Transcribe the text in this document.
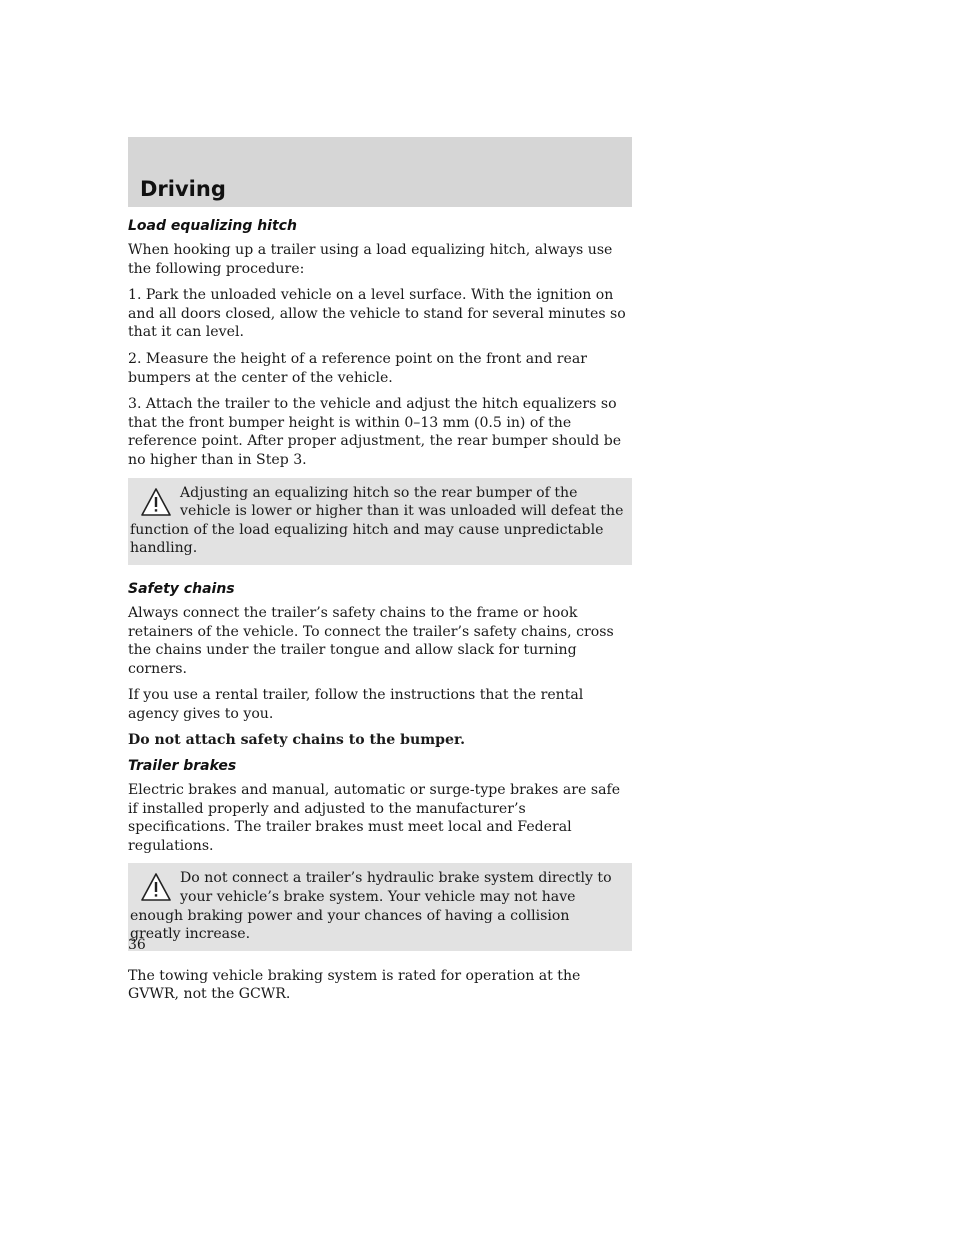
Driving
Load equalizing hitch

When hooking up a trailer using a load equalizing hitch, always use the following procedure:

1. Park the unloaded vehicle on a level surface. With the ignition on and all doors closed, allow the vehicle to stand for several minutes so that it can level.

2. Measure the height of a reference point on the front and rear bumpers at the center of the vehicle.

3. Attach the trailer to the vehicle and adjust the hitch equalizers so that the front bumper height is within 0–13 mm (0.5 in) of the reference point. After proper adjustment, the rear bumper should be no higher than in Step 3.

Adjusting an equalizing hitch so the rear bumper of the vehicle is lower or higher than it was unloaded will defeat the function of the load equalizing hitch and may cause unpredictable handling.
Safety chains

Always connect the trailer’s safety chains to the frame or hook retainers of the vehicle. To connect the trailer’s safety chains, cross the chains under the trailer tongue and allow slack for turning corners.

If you use a rental trailer, follow the instructions that the rental agency gives to you.

Do not attach safety chains to the bumper.

Trailer brakes

Electric brakes and manual, automatic or surge-type brakes are safe if installed properly and adjusted to the manufacturer’s specifications. The trailer brakes must meet local and Federal regulations.

Do not connect a trailer’s hydraulic brake system directly to your vehicle’s brake system. Your vehicle may not have enough braking power and your chances of having a collision greatly increase.

The towing vehicle braking system is rated for operation at the GVWR, not the GCWR.

36
